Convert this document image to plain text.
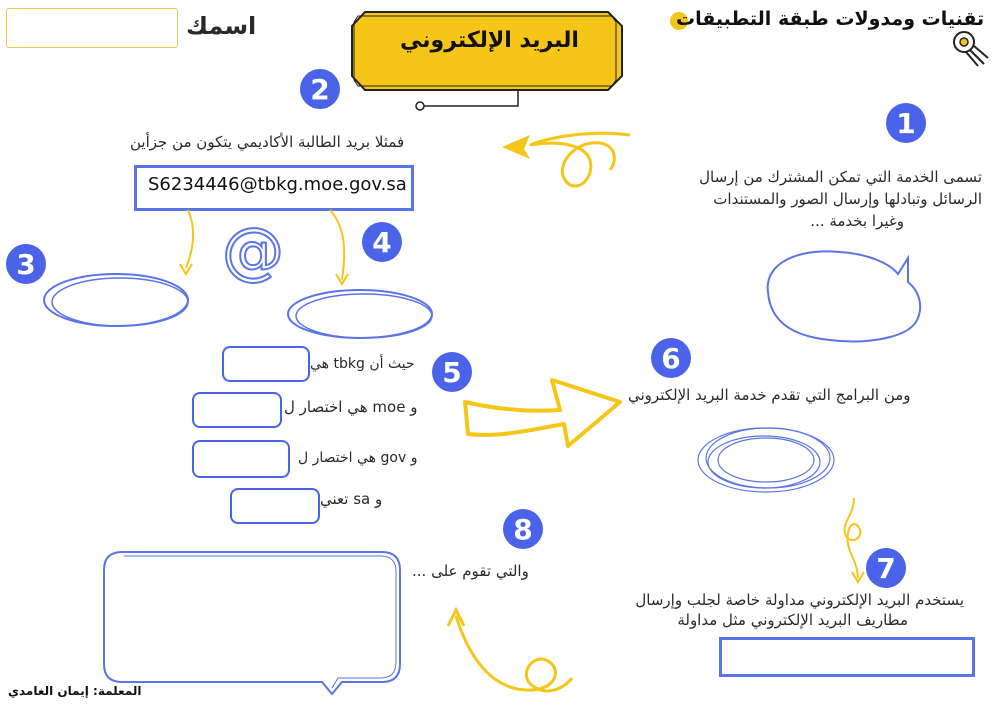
اسمك
البريد الإلكتروني
تقنيات ومدولات طبقة التطبيقات
1
2
3
4
5	6
7
8
تسمى الخدمة التي تمكن المشترك من إرسال
الرسائل وتبادلها وإرسال الصور والمستندات
وغيرا بخدمة ...
فمثلا بريد الطالبة الأكاديمي يتكون من جزأين
S6234446@tbkg.moe.gov.sa
@
حيث أن tbkg هي
و moe هي اختصار ل
و gov هي اختصار ل
و sa تعني
ومن البرامج التي تقدم خدمة البريد الإلكتروني
يستخدم البريد الإلكتروني مداولة خاصة لجلب وإرسال
مطاريف البريد الإلكتروني مثل مداولة
والتي تقوم على ...
المعلمة: إيمان الغامدي
